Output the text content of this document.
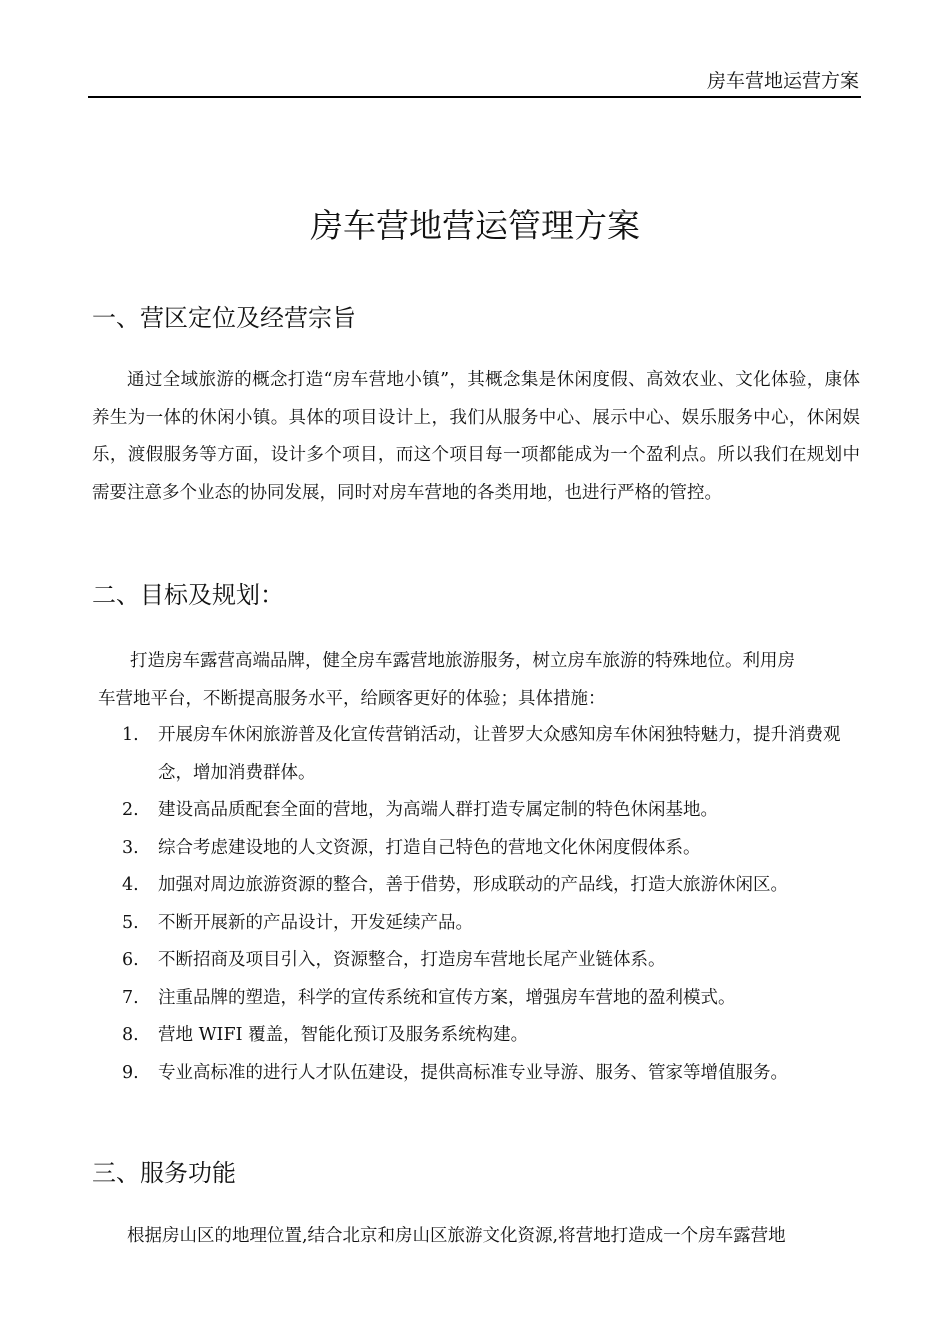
房车营地运营方案
房车营地营运管理方案
一、营区定位及经营宗旨

通过全域旅游的概念打造“房车营地小镇”，其概念集是休闲度假、高效农业、文化体验，康体养生为一体的休闲小镇。具体的项目设计上，我们从服务中心、展示中心、娱乐服务中心，休闲娱乐，渡假服务等方面，设计多个项目，而这个项目每一项都能成为一个盈利点。所以我们在规划中需要注意多个业态的协同发展，同时对房车营地的各类用地，也进行严格的管控。

二、目标及规划：
打造房车露营高端品牌，健全房车露营地旅游服务，树立房车旅游的特殊地位。利用房
车营地平台，不断提高服务水平，给顾客更好的体验；具体措施：
1. 开展房车休闲旅游普及化宣传营销活动，让普罗大众感知房车休闲独特魅力，提升消费观念，增加消费群体。
2. 建设高品质配套全面的营地，为高端人群打造专属定制的特色休闲基地。
3. 综合考虑建设地的人文资源，打造自己特色的营地文化休闲度假体系。
4. 加强对周边旅游资源的整合，善于借势，形成联动的产品线，打造大旅游休闲区。
5. 不断开展新的产品设计，开发延续产品。
6. 不断招商及项目引入，资源整合，打造房车营地长尾产业链体系。
7. 注重品牌的塑造，科学的宣传系统和宣传方案，增强房车营地的盈利模式。
8. 营地 WIFI 覆盖，智能化预订及服务系统构建。
9. 专业高标准的进行人才队伍建设，提供高标准专业导游、服务、管家等增值服务。
三、服务功能

根据房山区的地理位置,结合北京和房山区旅游文化资源,将营地打造成一个房车露营地
